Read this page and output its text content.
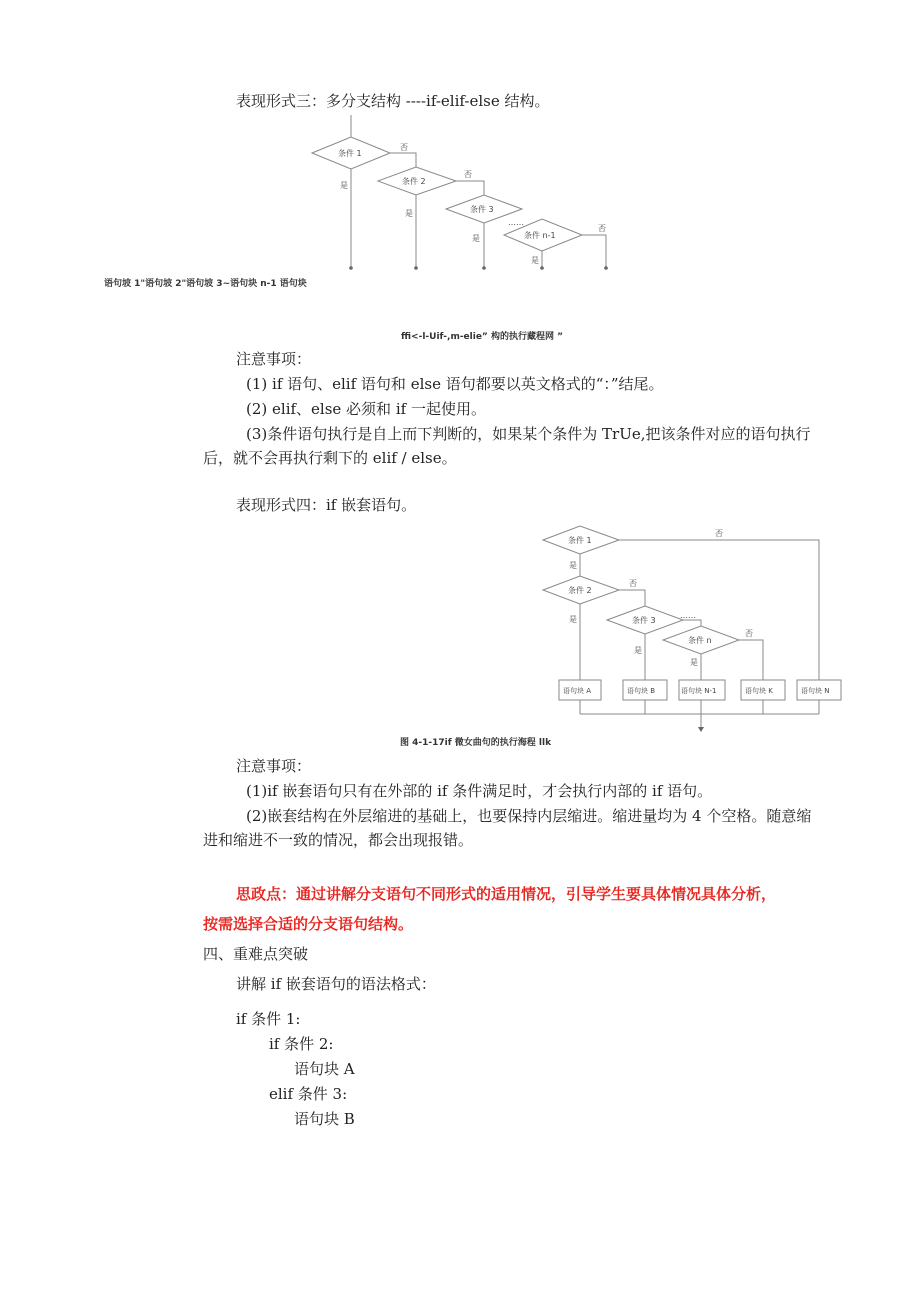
表现形式三：多分支结构 ----if-elif-else 结构。
条件 1
条件 2
条件 3
条件 n-1
否
否
否
是
是
是
是
……
语句坡 1"语句坡 2"语句坡 3~语句块 n-1 语句块
ffi<-l-Uif-,m-elie” 构的执行藏程网 ”
注意事项：
(1) if 语句、elif 语句和 else 语句都要以英文格式的“：”结尾。
(2) elif、else 必须和 if 一起使用。
(3)条件语句执行是自上而下判断的，如果某个条件为 TrUe,把该条件对应的语句执行
后，就不会再执行剩下的 elif / else。
表现形式四：if 嵌套语句。
条件 1
条件 2
条件 3
条件 n
否
否
否
是
是
是
是
……
语句块 A	语句块 B	语句块 N-1	语句块 K	语句块 N
图 4-1-17if 微女曲句的执行海程 llk
注意事项：
(1)if 嵌套语句只有在外部的 if 条件满足时，才会执行内部的 if 语句。
(2)嵌套结构在外层缩进的基础上，也要保持内层缩进。缩进量均为 4 个空格。随意缩
进和缩进不一致的情况，都会出现报错。
思政点：通过讲解分支语句不同形式的适用情况，引导学生要具体情况具体分析，
按需选择合适的分支语句结构。
四、重难点突破
讲解 if 嵌套语句的语法格式：
if 条件 1:
if 条件 2:
语句块 A
elif 条件 3:
语句块 B
